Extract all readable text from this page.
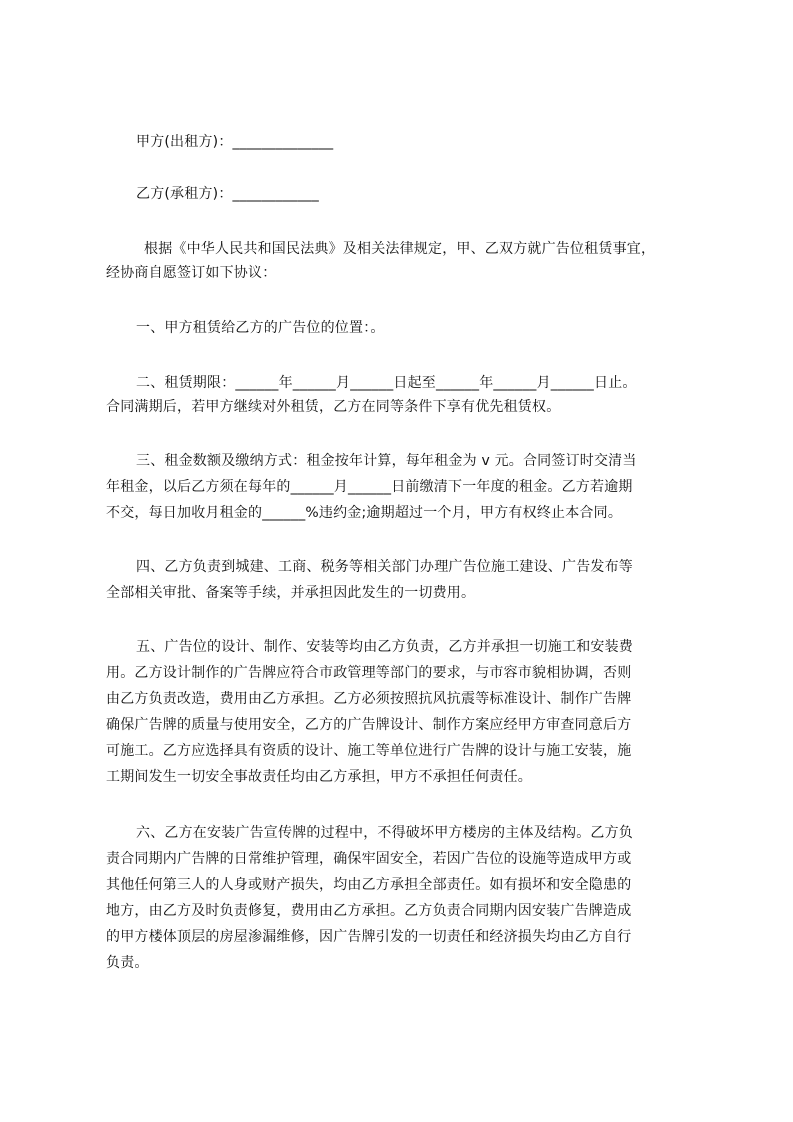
甲方(出租方)：______________
乙方(承租方)：____________
根据《中华人民共和国民法典》及相关法律规定，甲、乙双方就广告位租赁事宜，
经协商自愿签订如下协议：
一、甲方租赁给乙方的广告位的位置：。
二、租赁期限：______年______月______日起至______年______月______日止。
合同满期后，若甲方继续对外租赁，乙方在同等条件下享有优先租赁权。
三、租金数额及缴纳方式：租金按年计算，每年租金为 v 元。合同签订时交清当
年租金，以后乙方须在每年的______月______日前缴清下一年度的租金。乙方若逾期
不交，每日加收月租金的______%违约金;逾期超过一个月，甲方有权终止本合同。
四、乙方负责到城建、工商、税务等相关部门办理广告位施工建设、广告发布等
全部相关审批、备案等手续，并承担因此发生的一切费用。
五、广告位的设计、制作、安装等均由乙方负责，乙方并承担一切施工和安装费
用。乙方设计制作的广告牌应符合市政管理等部门的要求，与市容市貌相协调，否则
由乙方负责改造，费用由乙方承担。乙方必须按照抗风抗震等标准设计、制作广告牌
确保广告牌的质量与使用安全，乙方的广告牌设计、制作方案应经甲方审查同意后方
可施工。乙方应选择具有资质的设计、施工等单位进行广告牌的设计与施工安装，施
工期间发生一切安全事故责任均由乙方承担，甲方不承担任何责任。
六、乙方在安装广告宣传牌的过程中，不得破坏甲方楼房的主体及结构。乙方负
责合同期内广告牌的日常维护管理，确保牢固安全，若因广告位的设施等造成甲方或
其他任何第三人的人身或财产损失，均由乙方承担全部责任。如有损坏和安全隐患的
地方，由乙方及时负责修复，费用由乙方承担。乙方负责合同期内因安装广告牌造成
的甲方楼体顶层的房屋渗漏维修，因广告牌引发的一切责任和经济损失均由乙方自行
负责。
